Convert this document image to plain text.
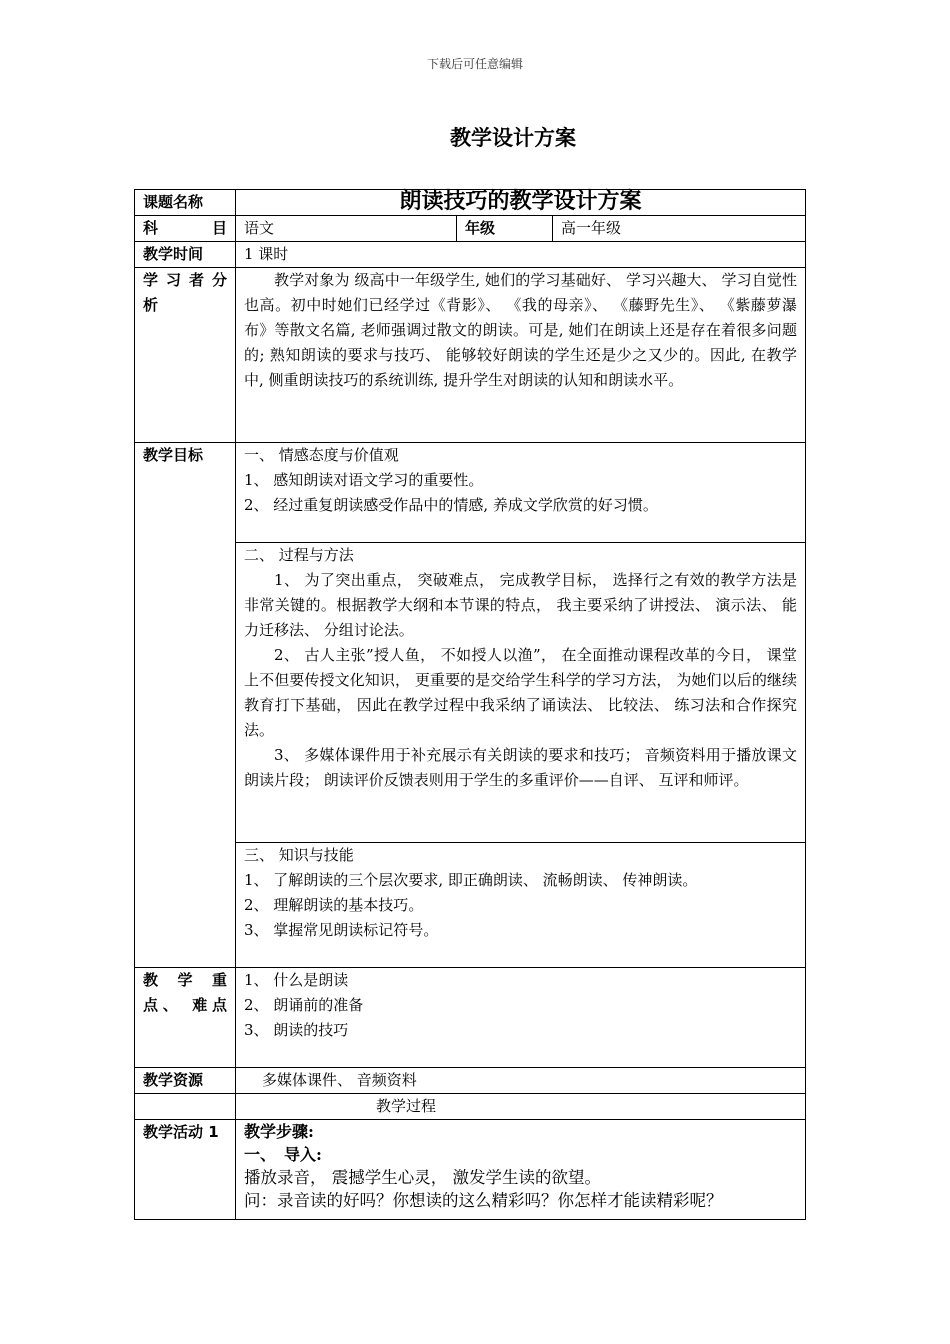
下载后可任意编辑
教学设计方案
课题名称	朗读技巧的教学设计方案		
科　目	语文	年级	高一年级
教学时间	1 课时		
学 习 者 分析	教学对象为 级高中一年级学生, 她们的学习基础好、 学习兴趣大、 学习自觉性也高。初中时她们已经学过《背影》、 《我的母亲》、 《藤野先生》、 《紫藤萝瀑布》等散文名篇, 老师强调过散文的朗读。可是, 她们在朗读上还是存在着很多问题的; 熟知朗读的要求与技巧、 能够较好朗读的学生还是少之又少的。因此, 在教学中, 侧重朗读技巧的系统训练, 提升学生对朗读的认知和朗读水平。		

教学目标	一、 情感态度与价值观

1、 感知朗读对语文学习的重要性。

2、 经过重复朗读感受作品中的情感, 养成文学欣赏的好习惯。		

	二、 过程与方法

1、 为了突出重点， 突破难点， 完成教学目标， 选择行之有效的教学方法是非常关键的。根据教学大纲和本节课的特点， 我主要采纳了讲授法、 演示法、 能力迁移法、 分组讨论法。

2、 古人主张”授人鱼， 不如授人以渔”， 在全面推动课程改革的今日， 课堂上不但要传授文化知识， 更重要的是交给学生科学的学习方法， 为她们以后的继续教育打下基础， 因此在教学过程中我采纳了诵读法、 比较法、 练习法和合作探究法。

3、 多媒体课件用于补充展示有关朗读的要求和技巧； 音频资料用于播放课文朗读片段； 朗读评价反馈表则用于学生的多重评价——自评、 互评和师评。		

	三、 知识与技能

1、 了解朗读的三个层次要求, 即正确朗读、 流畅朗读、 传神朗读。

2、 理解朗读的基本技巧。

3、 掌握常见朗读标记符号。		

教 学 重点、 难点	1、 什么是朗读

2、 朗诵前的准备

3、 朗读的技巧		

教学资源	多媒体课件、 音频资料		
	教学过程		
教学活动 1	教学步骤:

一、　导入:

播放录音， 震撼学生心灵， 激发学生读的欲望。

问：录音读的好吗？你想读的这么精彩吗？你怎样才能读精彩呢？		
